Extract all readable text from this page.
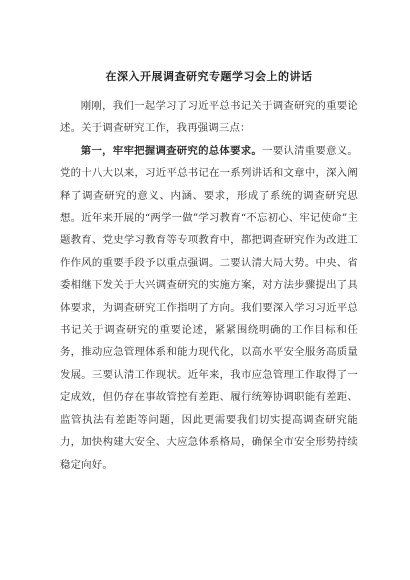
在深入开展调查研究专题学习会上的讲话

刚刚，我们一起学习了习近平总书记关于调查研究的重要论述。关于调查研究工作，我再强调三点：

第一，牢牢把握调查研究的总体要求。一要认清重要意义。党的十八大以来，习近平总书记在一系列讲话和文章中，深入阐释了调查研究的意义、内涵、要求，形成了系统的调查研究思想。近年来开展的“两学一做”学习教育“不忘初心、牢记使命”主题教育、党史学习教育等专项教育中，都把调查研究作为改进工作作风的重要手段予以重点强调。二要认清大局大势。中央、省委相继下发关于大兴调查研究的实施方案，对方法步骤提出了具体要求，为调查研究工作指明了方向。我们要深入学习习近平总书记关于调查研究的重要论述，紧紧围绕明确的工作目标和任务，推动应急管理体系和能力现代化，以高水平安全服务高质量发展。三要认清工作现状。近年来，我市应急管理工作取得了一定成效，但仍存在事故管控有差距、履行统筹协调职能有差距、监管执法有差距等问题，因此更需要我们切实提高调查研究能力，加快构建大安全、大应急体系格局，确保全市安全形势持续稳定向好。
